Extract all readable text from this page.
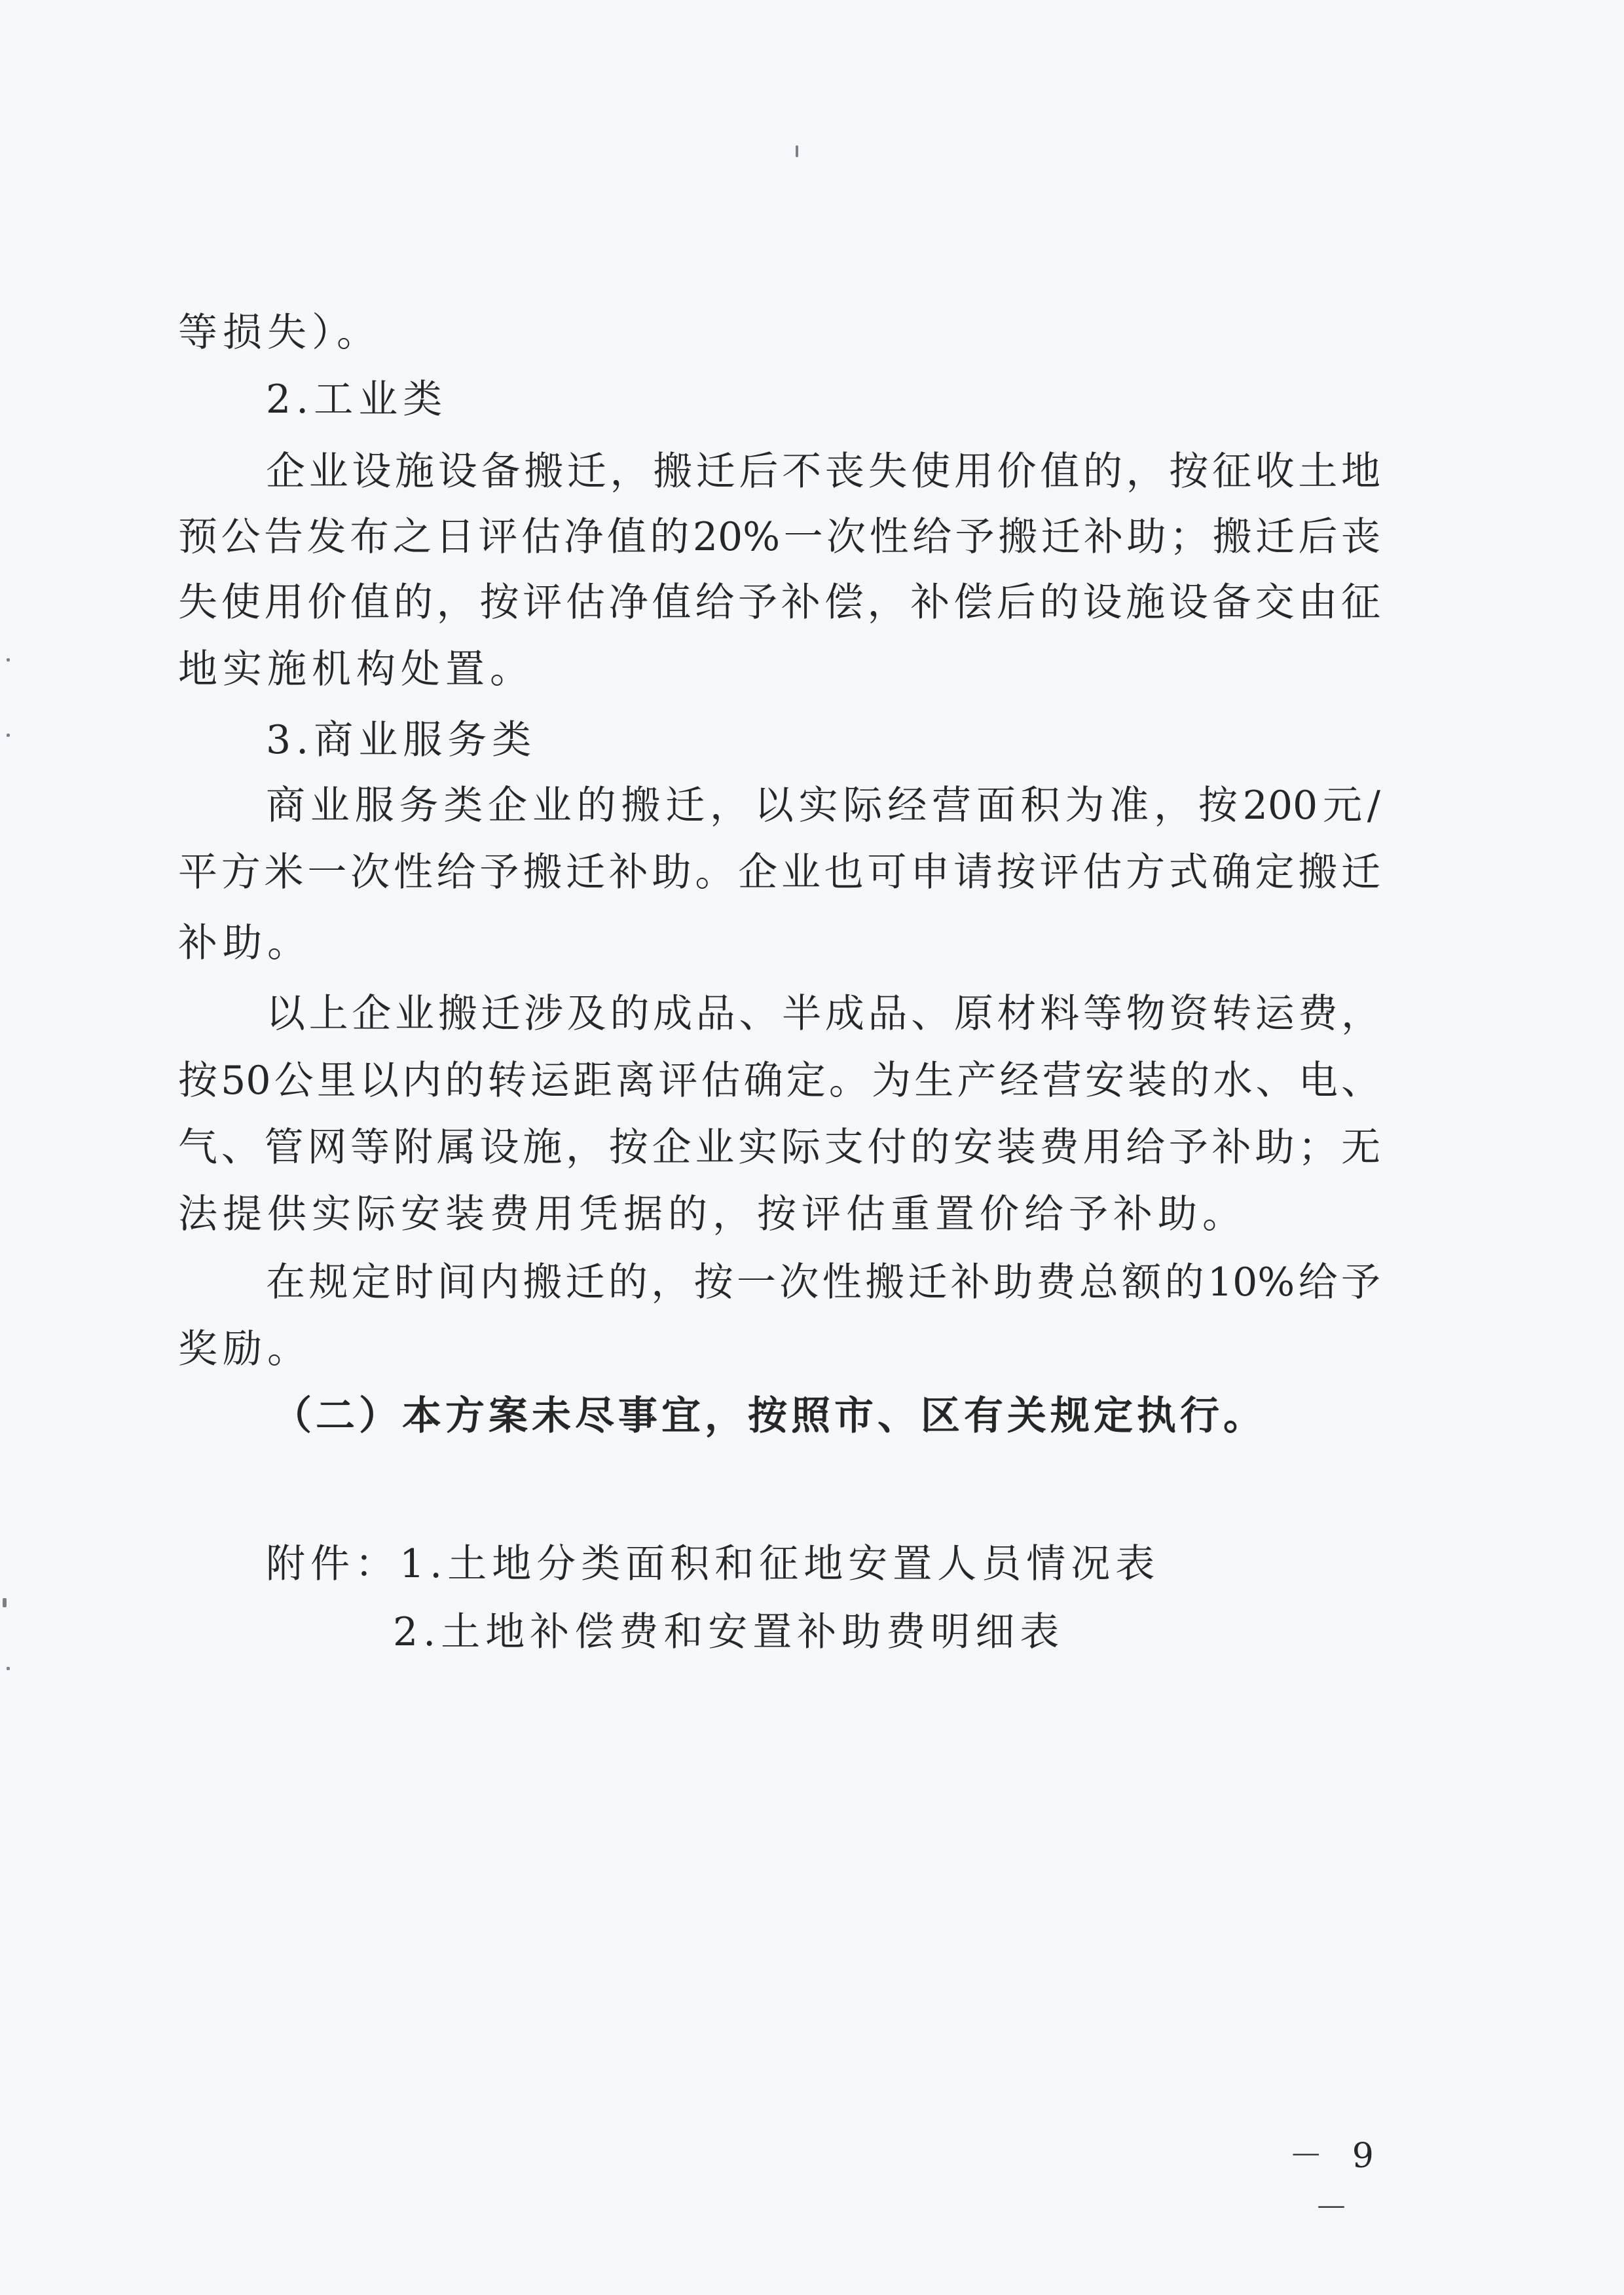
等损失）。
2.工业类
企业设施设备搬迁，搬迁后不丧失使用价值的，按征收土地
预公告发布之日评估净值的20%一次性给予搬迁补助；搬迁后丧
失使用价值的，按评估净值给予补偿，补偿后的设施设备交由征
地实施机构处置。
3.商业服务类
商业服务类企业的搬迁，以实际经营面积为准，按200元/
平方米一次性给予搬迁补助。企业也可申请按评估方式确定搬迁
补助。
以上企业搬迁涉及的成品、半成品、原材料等物资转运费，
按50公里以内的转运距离评估确定。为生产经营安装的水、电、
气、管网等附属设施，按企业实际支付的安装费用给予补助；无
法提供实际安装费用凭据的，按评估重置价给予补助。
在规定时间内搬迁的，按一次性搬迁补助费总额的10%给予
奖励。
（二）本方案未尽事宜，按照市、区有关规定执行。
附件：1.土地分类面积和征地安置人员情况表
2.土地补偿费和安置补助费明细表
－ 9 －
